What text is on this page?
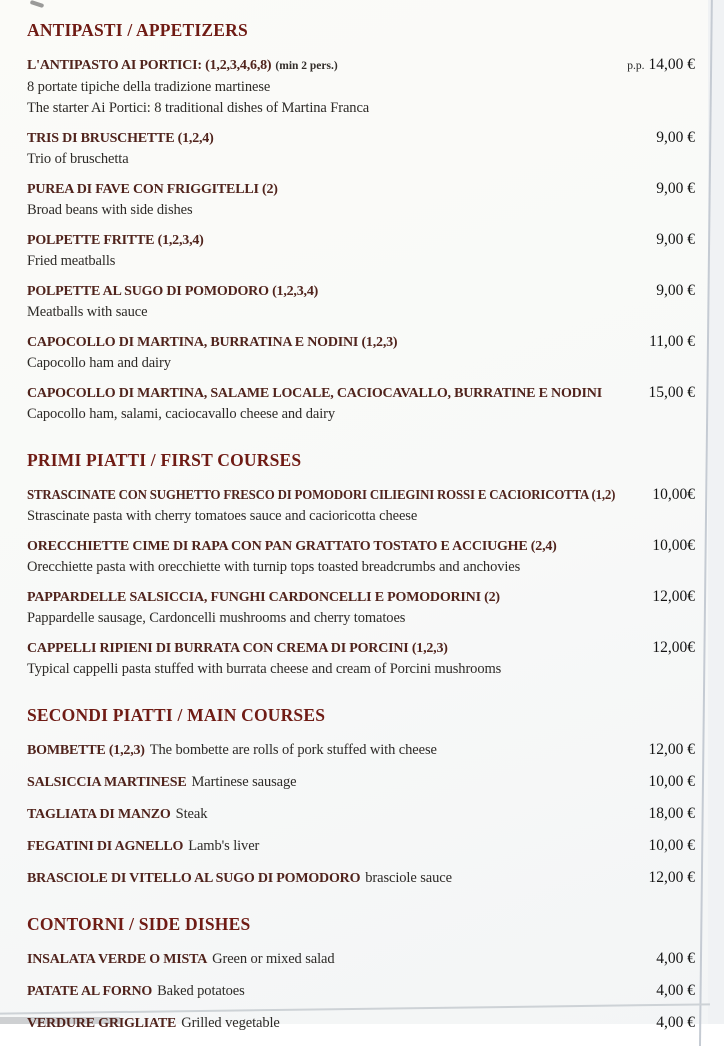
ANTIPASTI / APPETIZERS
L'ANTIPASTO AI PORTICI: (1,2,3,4,6,8) (min 2 pers.)	p.p. 14,00 €
8 portate tipiche della tradizione martinese
The starter Ai Portici: 8 traditional dishes of Martina Franca
TRIS DI BRUSCHETTE (1,2,4)	9,00 €
Trio of bruschetta
PUREA DI FAVE CON FRIGGITELLI (2)	9,00 €
Broad beans with side dishes
POLPETTE FRITTE (1,2,3,4)	9,00 €
Fried meatballs
POLPETTE AL SUGO DI POMODORO (1,2,3,4)	9,00 €
Meatballs with sauce
CAPOCOLLO DI MARTINA, BURRATINA E NODINI (1,2,3)	11,00 €
Capocollo ham and dairy
CAPOCOLLO DI MARTINA, SALAME LOCALE, CACIOCAVALLO, BURRATINE E NODINI	15,00 €
Capocollo ham, salami, caciocavallo cheese and dairy
PRIMI PIATTI / FIRST COURSES
STRASCINATE CON SUGHETTO FRESCO DI POMODORI CILIEGINI ROSSI E CACIORICOTTA (1,2)	10,00€
Strascinate pasta with cherry tomatoes sauce and cacioricotta cheese
ORECCHIETTE CIME DI RAPA CON PAN GRATTATO TOSTATO E ACCIUGHE (2,4)	10,00€
Orecchiette pasta with orecchiette with turnip tops toasted breadcrumbs and anchovies
PAPPARDELLE SALSICCIA, FUNGHI CARDONCELLI E POMODORINI (2)	12,00€
Pappardelle sausage, Cardoncelli mushrooms and cherry tomatoes
CAPPELLI RIPIENI DI BURRATA CON CREMA DI PORCINI (1,2,3)	12,00€
Typical cappelli pasta stuffed with burrata cheese and cream of Porcini mushrooms
SECONDI PIATTI / MAIN COURSES
BOMBETTE (1,2,3) The bombette are rolls of pork stuffed with cheese	12,00 €
SALSICCIA MARTINESE Martinese sausage	10,00 €
TAGLIATA DI MANZO Steak	18,00 €
FEGATINI DI AGNELLO Lamb's liver	10,00 €
BRASCIOLE DI VITELLO AL SUGO DI POMODORO brasciole sauce	12,00 €
CONTORNI / SIDE DISHES
INSALATA VERDE O MISTA Green or mixed salad	4,00 €
PATATE AL FORNO Baked potatoes	4,00 €
VERDURE GRIGLIATE Grilled vegetable	4,00 €
